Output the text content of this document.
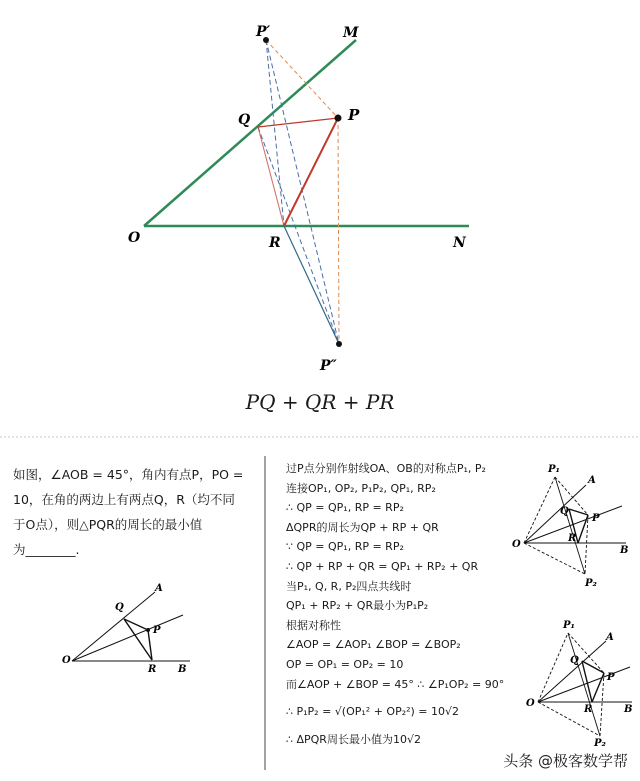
P′	M
Q	P
O	R	N
P″
A
Q
P
O
R B
P₁
A
Q
P
O
R
B
P₂
P₁
A
Q
P
O
R	B
P₂
PQ + QR + PR
如图，∠AOB = 45°，角内有点P，PO =
10，在角的两边上有两点Q，R（均不同
于O点），则△PQR的周长的最小值
为________.
过P点分别作射线OA、OB的对称点P₁, P₂
连接OP₁, OP₂, P₁P₂, QP₁, RP₂
∴ QP = QP₁, RP = RP₂
ΔQPR的周长为QP + RP + QR
∵ QP = QP₁, RP = RP₂
∴ QP + RP + QR = QP₁ + RP₂ + QR
当P₁, Q, R, P₂四点共线时
QP₁ + RP₂ + QR最小为P₁P₂
根据对称性
∠AOP = ∠AOP₁ ∠BOP = ∠BOP₂
OP = OP₁ = OP₂ = 10
而∠AOP + ∠BOP = 45° ∴ ∠P₁OP₂ = 90°
∴ P₁P₂ = √(OP₁² + OP₂²) = 10√2
∴ ΔPQR周长最小值为10√2
头条 @极客数学帮
